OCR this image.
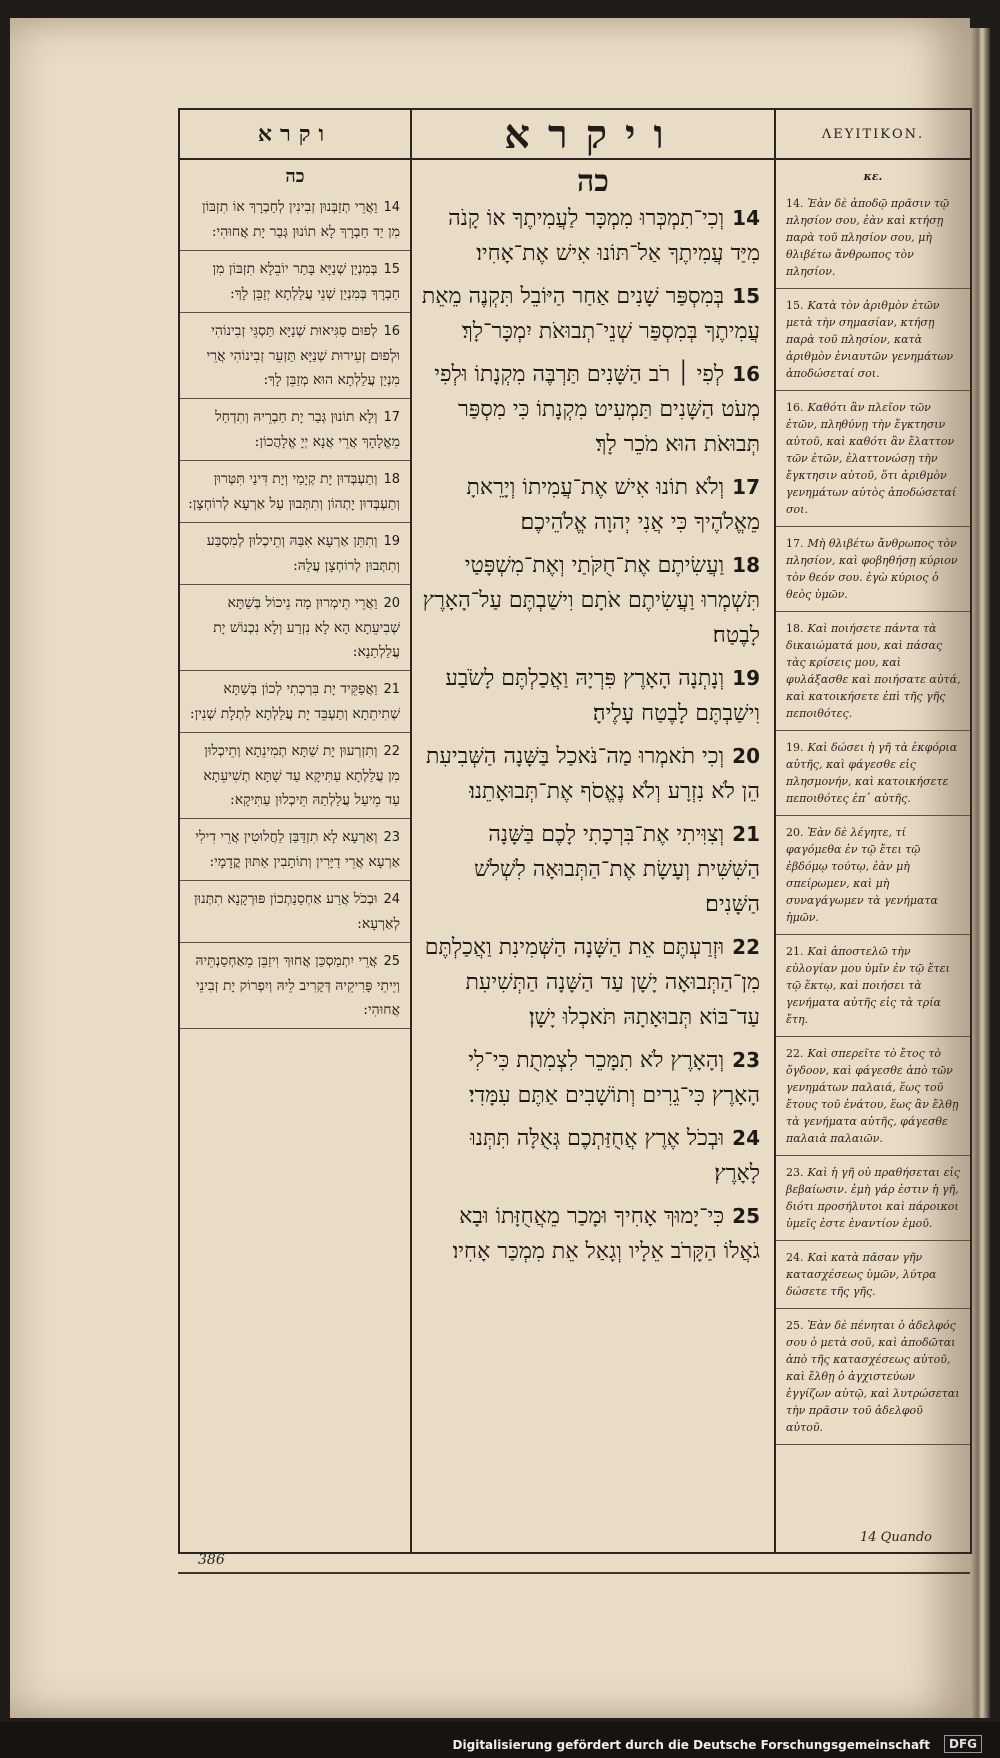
וקרא
כה
14וַאֲרֵי תְזַבְּנוּן זְבִינִין לְחַבְרָךְ אוֹ תִזְבּוֹן מִן יַד חַבְרָךְ לָא תוֹנוּן גְּבַר יָת אֲחוּהִי:
15בְּמִנְיַן שְׁנַיָּא בָּתַר יוֹבֵלָא תִזְבּוֹן מִן חַבְרָךְ בְּמִנְיַן שְׁנֵי עֲלַלְתָא יְזַבֵּן לָךְ:
16לְפוּם סַגִּיאוּת שְׁנַיָּא תַּסְגֵּי זְבִינוֹהִי וּלְפוּם זְעֵירוּת שְׁנַיָּא תַּזְעֵר זְבִינוֹהִי אֲרֵי מִנְיַן עֲלַלְתָא הוּא מְזַבֵּן לָךְ:
17וְלָא תוֹנוּן גְּבַר יָת חַבְרֵיהּ וְתִדְחַל מֵאֱלָהָךְ אֲרֵי אֲנָא יְיָ אֱלָהֲכוֹן:
18וְתַעְבְּדוּן יָת קְיָמַי וְיָת דִּינַי תִּטְּרוּן וְתַעְבְּדוּן יָתְהוֹן וְתִתְּבוּן עַל אַרְעָא לְרוֹחְצָן:
19וְתִתֵּן אַרְעָא אִבַּהּ וְתֵיכְלוּן לְמִסְבַּע וְתִתְּבוּן לְרוֹחְצָן עֲלַהּ:
20וַאֲרֵי תֵימְרוּן מָה נֵיכוֹל בְּשַׁתָּא שְׁבִיעֵתָא הָא לָא נִזְרַע וְלָא נִכְנוֹשׁ יָת עֲלַלְתַנָא:
21וַאֲפַקֵּיד יָת בִּרְכְתִי לְכוֹן בְּשַׁתָּא שְׁתִיתֵתָא וְתַעְבֵּד יָת עֲלַלְתָא לִתְלָת שְׁנִין:
22וְתִזְרְעוּן יָת שַׁתָּא תְמִינֵתָא וְתֵיכְלוּן מִן עֲלַלְתָא עַתִּיקָא עַד שַׁתָּא תְשִׁיעֵתָא עַד מֵיעַל עֲלַלְתַהּ תֵּיכְלוּן עַתִּיקָא:
23וְאַרְעָא לָא תִזְדַּבַּן לַחֲלוּטִין אֲרֵי דִילִי אַרְעָא אֲרֵי דַיָּרִין וְתוֹתָבִין אַתּוּן קֳדָמָי:
24וּבְכֹל אֲרַע אַחְסַנַתְכוֹן פּוּרְקָנָא תִתְּנוּן לְאַרְעָא:
25אֲרֵי יִתְמַסְכַּן אֲחוּךְ וִיזַבֵּן מֵאַחְסַנְתֵּיהּ וְיֵיתֵי פָּרִיקֵיהּ דְּקָרִיב לֵיהּ וְיִפְרוֹק יָת זְבִינֵי אֲחוּהִי:
ויקרא
כה
14וְכִי־תִמְכְּרוּ מִמְכָּר לַעֲמִיתֶךָ אוֹ קָנֹה מִיַּד עֲמִיתֶךָ אַל־תּוֹנוּ אִישׁ אֶת־אָחִיו׃
15בְּמִסְפַּר שָׁנִים אַחַר הַיּוֹבֵל תִּקְנֶה מֵאֵת עֲמִיתֶךָ בְּמִסְפַּר שְׁנֵי־תְבוּאֹת יִמְכָּר־לָךְ׃
16לְפִי ׀ רֹב הַשָּׁנִים תַּרְבֶּה מִקְנָתוֹ וּלְפִי מְעֹט הַשָּׁנִים תַּמְעִיט מִקְנָתוֹ כִּי מִסְפַּר תְּבוּאֹת הוּא מֹכֵר לָךְ׃
17וְלֹא תוֹנוּ אִישׁ אֶת־עֲמִיתוֹ וְיָרֵאתָ מֵאֱלֹהֶיךָ כִּי אֲנִי יְהוָה אֱלֹהֵיכֶם׃
18וַעֲשִׂיתֶם אֶת־חֻקֹּתַי וְאֶת־מִשְׁפָּטַי תִּשְׁמְרוּ וַעֲשִׂיתֶם אֹתָם וִישַׁבְתֶּם עַל־הָאָרֶץ לָבֶטַח׃
19וְנָתְנָה הָאָרֶץ פִּרְיָהּ וַאֲכַלְתֶּם לָשֹׂבַע וִישַׁבְתֶּם לָבֶטַח עָלֶיהָ׃
20וְכִי תֹאמְרוּ מַה־נֹּאכַל בַּשָּׁנָה הַשְּׁבִיעִת הֵן לֹא נִזְרָע וְלֹא נֶאֱסֹף אֶת־תְּבוּאָתֵנוּ׃
21וְצִוִּיתִי אֶת־בִּרְכָתִי לָכֶם בַּשָּׁנָה הַשִּׁשִּׁית וְעָשָׂת אֶת־הַתְּבוּאָה לִשְׁלֹשׁ הַשָּׁנִים׃
22וּזְרַעְתֶּם אֵת הַשָּׁנָה הַשְּׁמִינִת וַאֲכַלְתֶּם מִן־הַתְּבוּאָה יָשָׁן עַד הַשָּׁנָה הַתְּשִׁיעִת עַד־בּוֹא תְּבוּאָתָהּ תֹּאכְלוּ יָשָׁן׃
23וְהָאָרֶץ לֹא תִמָּכֵר לִצְמִתֻת כִּי־לִי הָאָרֶץ כִּי־גֵרִים וְתוֹשָׁבִים אַתֶּם עִמָּדִי׃
24וּבְכֹל אֶרֶץ אֲחֻזַּתְכֶם גְּאֻלָּה תִּתְּנוּ לָאָרֶץ׃
25כִּי־יָמוּךְ אָחִיךָ וּמָכַר מֵאֲחֻזָּתוֹ וּבָא גֹאֲלוֹ הַקָּרֹב אֵלָיו וְגָאַל אֵת מִמְכַּר אָחִיו׃
ΛΕΥΙΤΙΚΟΝ.
κε.
14. Ἐὰν δὲ ἀποδῷ πρᾶσιν τῷ πλησίον σου, ἐὰν καὶ κτήσῃ παρὰ τοῦ πλησίον σου, μὴ θλιβέτω ἄνθρωπος τὸν πλησίον.
15. Κατὰ τὸν ἀριθμὸν ἐτῶν μετὰ τὴν σημασίαν, κτήσῃ παρὰ τοῦ πλησίον, κατὰ ἀριθμὸν ἐνιαυτῶν γενημάτων ἀποδώσεταί σοι.
16. Καθότι ἂν πλεῖον τῶν ἐτῶν, πληθύνῃ τὴν ἔγκτησιν αὐτοῦ, καὶ καθότι ἂν ἔλαττον τῶν ἐτῶν, ἐλαττονώσῃ τὴν ἔγκτησιν αὐτοῦ, ὅτι ἀριθμὸν γενημάτων αὐτὸς ἀποδώσεταί σοι.
17. Μὴ θλιβέτω ἄνθρωπος τὸν πλησίον, καὶ φοβηθήσῃ κύριον τὸν θεόν σου. ἐγὼ κύριος ὁ θεὸς ὑμῶν.
18. Καὶ ποιήσετε πάντα τὰ δικαιώματά μου, καὶ πάσας τὰς κρίσεις μου, καὶ φυλάξασθε καὶ ποιήσατε αὐτά, καὶ κατοικήσετε ἐπὶ τῆς γῆς πεποιθότες.
19. Καὶ δώσει ἡ γῆ τὰ ἐκφόρια αὐτῆς, καὶ φάγεσθε εἰς πλησμονήν, καὶ κατοικήσετε πεποιθότες ἐπ᾽ αὐτῆς.
20. Ἐὰν δὲ λέγητε, τί φαγόμεθα ἐν τῷ ἔτει τῷ ἑβδόμῳ τούτῳ, ἐὰν μὴ σπείρωμεν, καὶ μὴ συναγάγωμεν τὰ γενήματα ἡμῶν.
21. Καὶ ἀποστελῶ τὴν εὐλογίαν μου ὑμῖν ἐν τῷ ἔτει τῷ ἕκτῳ, καὶ ποιήσει τὰ γενήματα αὐτῆς εἰς τὰ τρία ἔτη.
22. Καὶ σπερεῖτε τὸ ἔτος τὸ ὄγδοον, καὶ φάγεσθε ἀπὸ τῶν γενημάτων παλαιά, ἕως τοῦ ἔτους τοῦ ἐνάτου, ἕως ἂν ἔλθῃ τὰ γενήματα αὐτῆς, φάγεσθε παλαιὰ παλαιῶν.
23. Καὶ ἡ γῆ οὐ πραθήσεται εἰς βεβαίωσιν. ἐμὴ γάρ ἐστιν ἡ γῆ, διότι προσήλυτοι καὶ πάροικοι ὑμεῖς ἐστε ἐναντίον ἐμοῦ.
24. Καὶ κατὰ πᾶσαν γῆν κατασχέσεως ὑμῶν, λύτρα δώσετε τῆς γῆς.
25. Ἐὰν δὲ πένηται ὁ ἀδελφός σου ὁ μετὰ σοῦ, καὶ ἀποδῶται ἀπὸ τῆς κατασχέσεως αὐτοῦ, καὶ ἔλθῃ ὁ ἀγχιστεύων ἐγγίζων αὐτῷ, καὶ λυτρώσεται τὴν πρᾶσιν τοῦ ἀδελφοῦ αὐτοῦ.
14 Quando
386
Digitalisierung gefördert durch die Deutsche Forschungsgemeinschaft	DFG
